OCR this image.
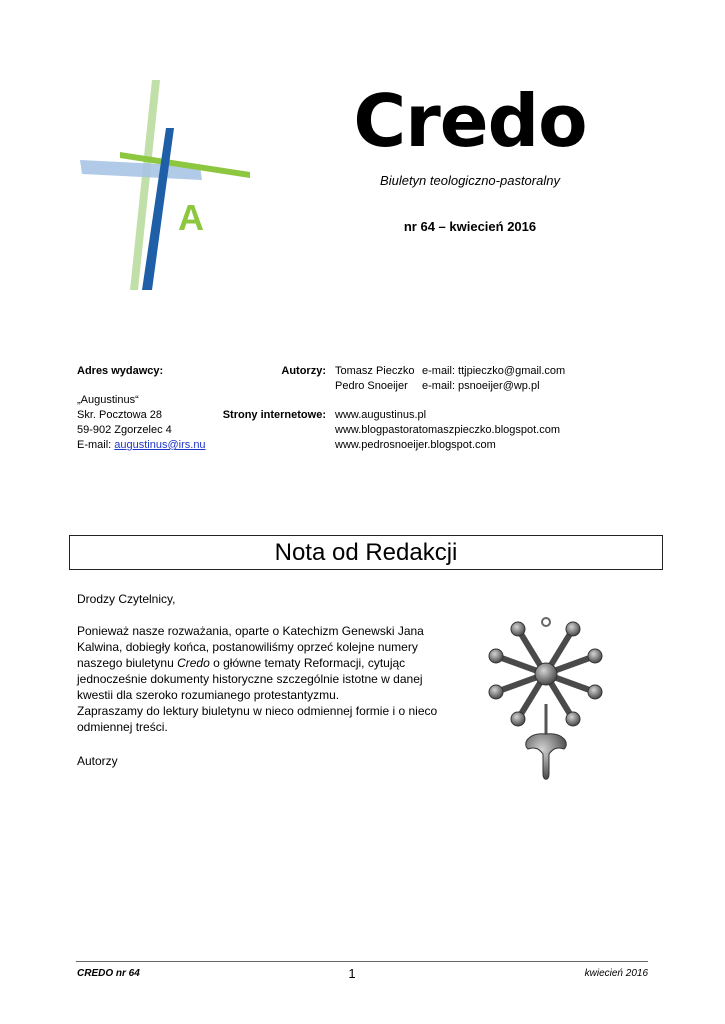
A
Credo
Biuletyn teologiczno-pastoralny
nr 64 – kwiecień 2016
Adres wydawcy:
„Augustinus“
Skr. Pocztowa 28
59-902 Zgorzelec 4
E-mail: augustinus@irs.nu
Autorzy: Tomasz Pieczko e-mail: ttjpieczko@gmail.com
Pedro Snoeijer e-mail: psnoeijer@wp.pl
Strony internetowe: www.augustinus.pl
www.blogpastoratomaszpieczko.blogspot.com
www.pedrosnoeijer.blogspot.com
Nota od Redakcji
Drodzy Czytelnicy,
Ponieważ nasze rozważania, oparte o Katechizm Genewski Jana
Kalwina, dobiegły końca, postanowiliśmy oprzeć kolejne numery
naszego biuletynu Credo o główne tematy Reformacji, cytując
jednocześnie dokumenty historyczne szczególnie istotne w danej
kwestii dla szeroko rozumianego protestantyzmu.
Zapraszamy do lektury biuletynu w nieco odmiennej formie i o nieco
odmiennej treści.
Autorzy
CREDO nr 64	1	kwiecień 2016
